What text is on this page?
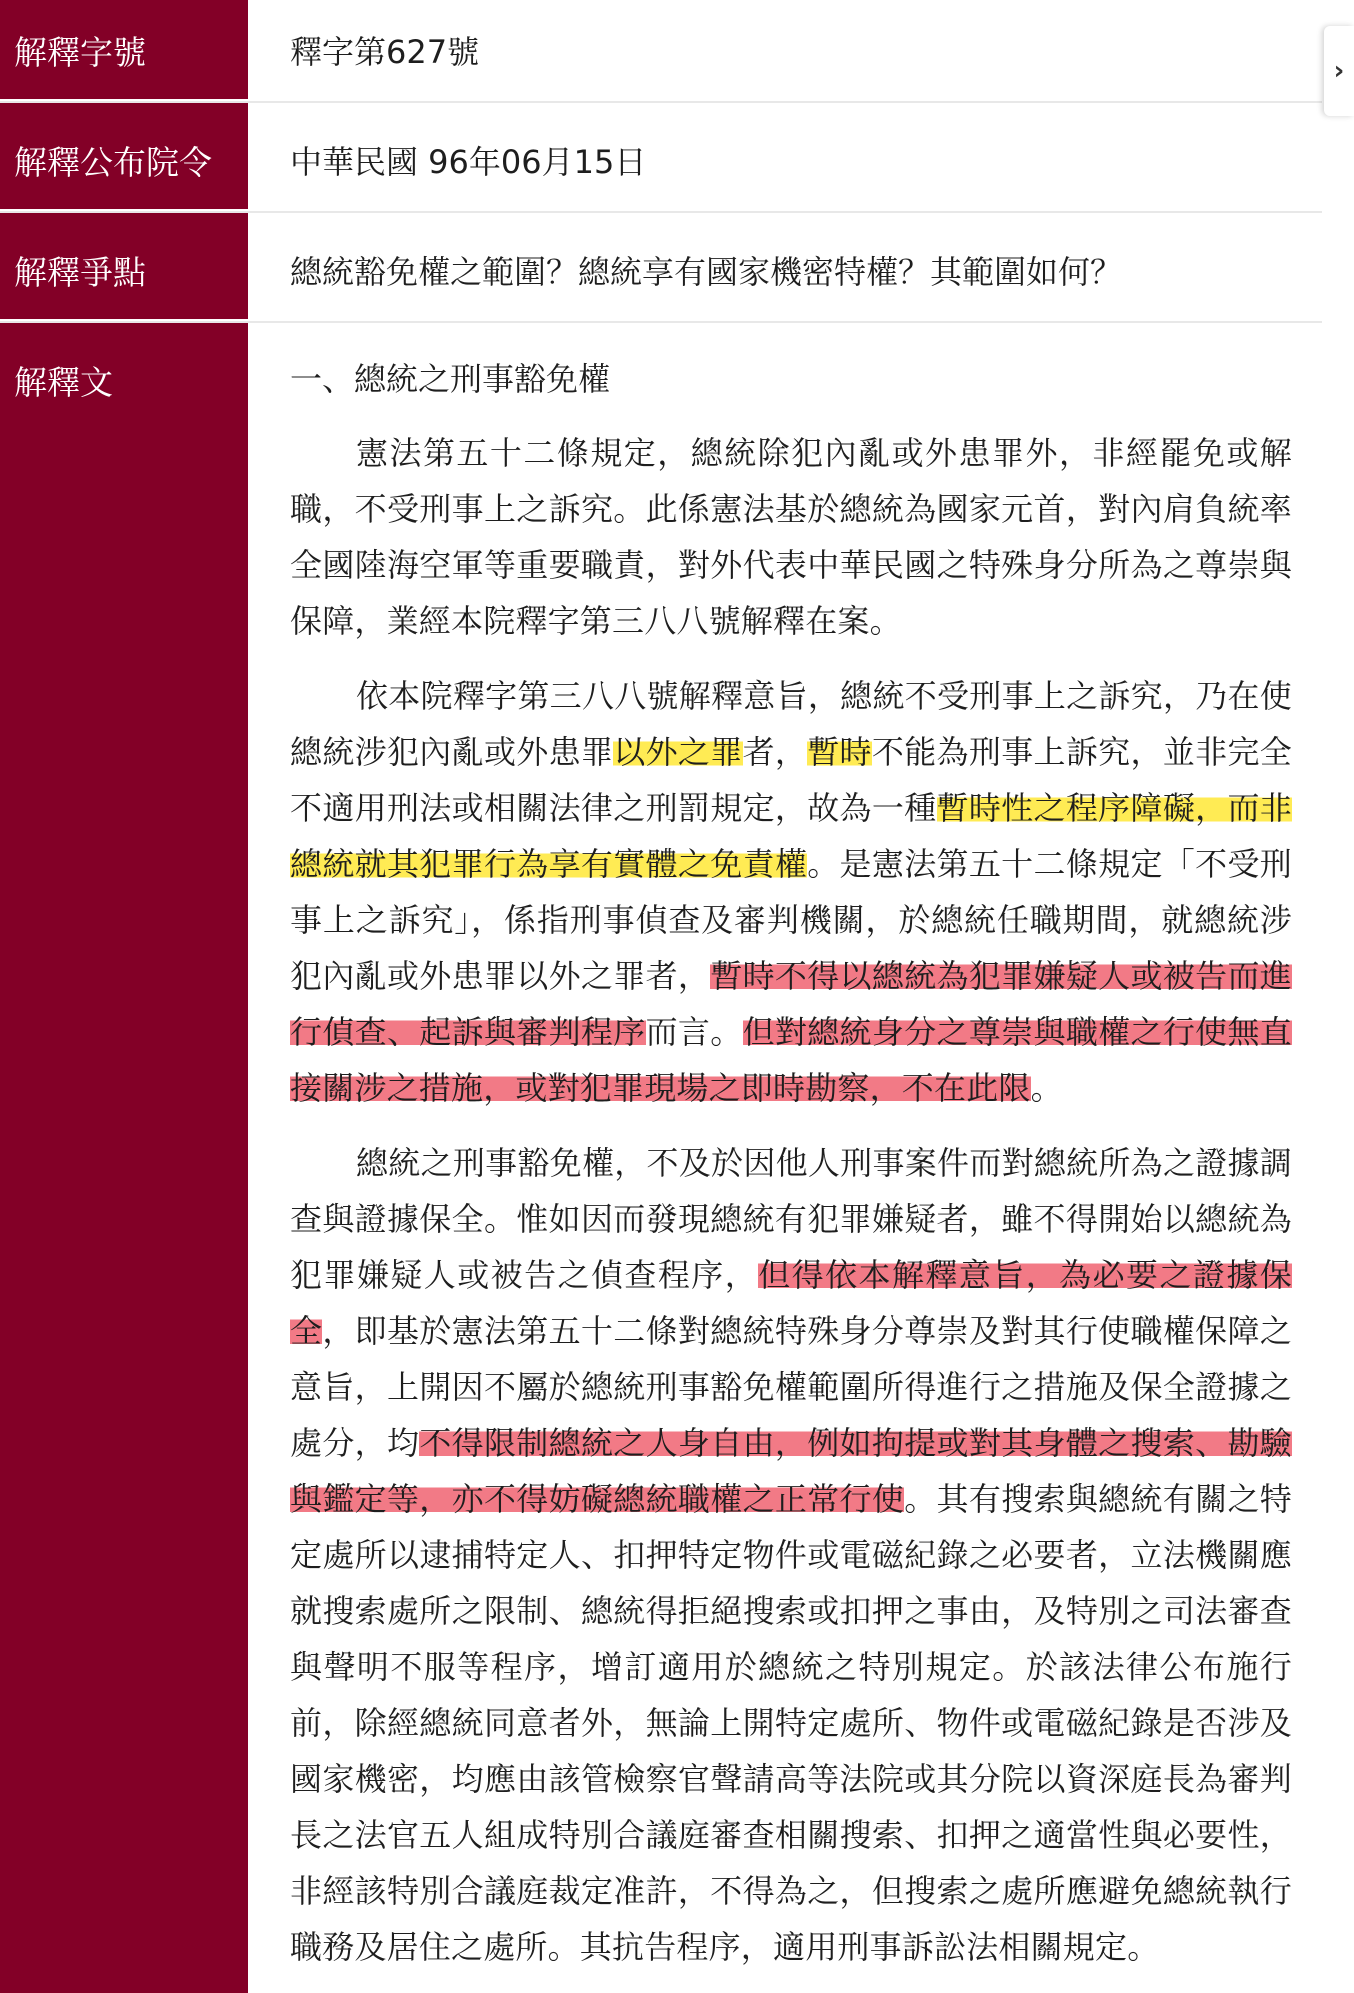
解釋字號	釋字第627號
解釋公布院令	中華民國 96年06月15日
解釋爭點	總統豁免權之範圍？總統享有國家機密特權？其範圍如何？
解釋文	一、總統之刑事豁免權

憲法第五十二條規定，總統除犯內亂或外患罪外，非經罷免或解職，不受刑事上之訴究。此係憲法基於總統為國家元首，對內肩負統率全國陸海空軍等重要職責，對外代表中華民國之特殊身分所為之尊崇與保障，業經本院釋字第三八八號解釋在案。

依本院釋字第三八八號解釋意旨，總統不受刑事上之訴究，乃在使總統涉犯內亂或外患罪以外之罪者，暫時不能為刑事上訴究，並非完全不適用刑法或相關法律之刑罰規定，故為一種暫時性之程序障礙，而非總統就其犯罪行為享有實體之免責權。是憲法第五十二條規定「不受刑事上之訴究」，係指刑事偵查及審判機關，於總統任職期間，就總統涉犯內亂或外患罪以外之罪者，暫時不得以總統為犯罪嫌疑人或被告而進行偵查、起訴與審判程序而言。但對總統身分之尊崇與職權之行使無直接關涉之措施，或對犯罪現場之即時勘察，不在此限。

總統之刑事豁免權，不及於因他人刑事案件而對總統所為之證據調查與證據保全。惟如因而發現總統有犯罪嫌疑者，雖不得開始以總統為犯罪嫌疑人或被告之偵查程序，但得依本解釋意旨，為必要之證據保全，即基於憲法第五十二條對總統特殊身分尊崇及對其行使職權保障之意旨，上開因不屬於總統刑事豁免權範圍所得進行之措施及保全證據之處分，均不得限制總統之人身自由，例如拘提或對其身體之搜索、勘驗與鑑定等，亦不得妨礙總統職權之正常行使。其有搜索與總統有關之特定處所以逮捕特定人、扣押特定物件或電磁紀錄之必要者，立法機關應就搜索處所之限制、總統得拒絕搜索或扣押之事由，及特別之司法審查與聲明不服等程序，增訂適用於總統之特別規定。於該法律公布施行前，除經總統同意者外，無論上開特定處所、物件或電磁紀錄是否涉及國家機密，均應由該管檢察官聲請高等法院或其分院以資深庭長為審判長之法官五人組成特別合議庭審查相關搜索、扣押之適當性與必要性，非經該特別合議庭裁定准許，不得為之，但搜索之處所應避免總統執行職務及居住之處所。其抗告程序，適用刑事訴訟法相關規定。

›
